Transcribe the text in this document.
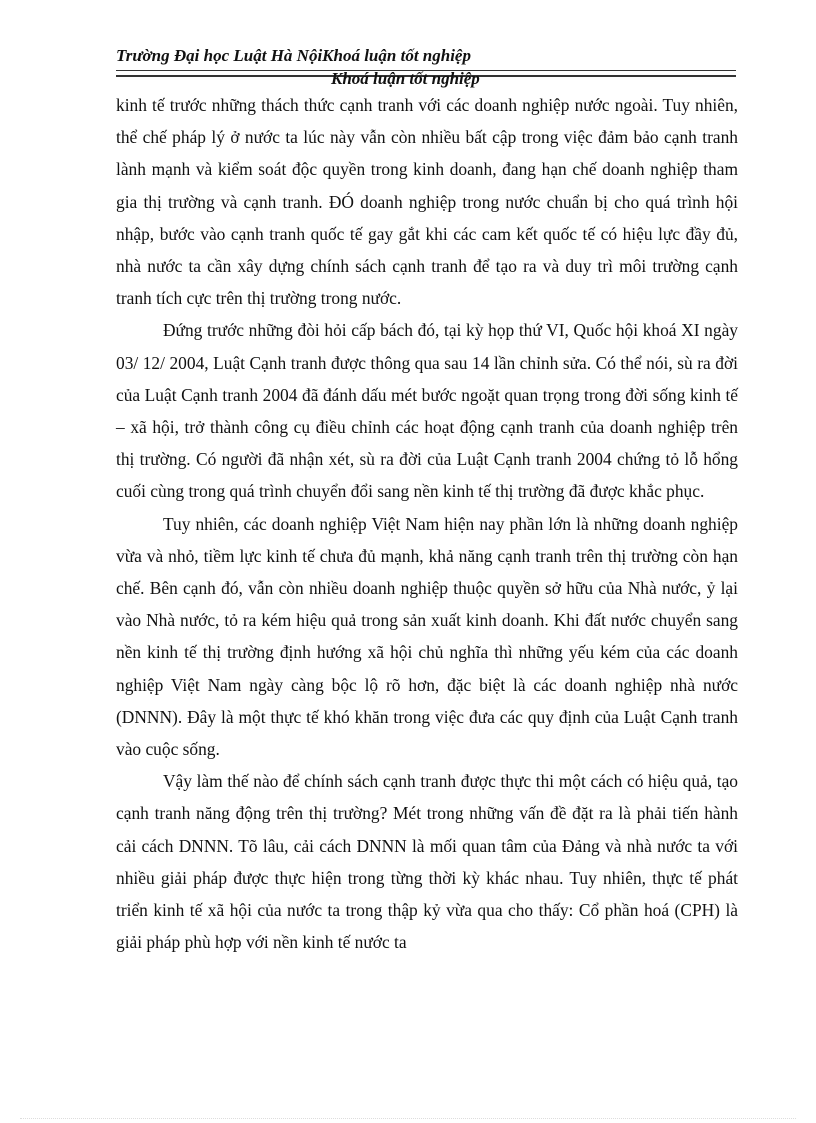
Trường Đại học Luật Hà NộiKhoá luận tốt nghiệp
Khoá luận tốt nghiệp

kinh tế trước những thách thức cạnh tranh với các doanh nghiệp nước ngoài. Tuy nhiên, thể chế pháp lý ở nước ta lúc này vẫn còn nhiều bất cập trong việc đảm bảo cạnh tranh lành mạnh và kiểm soát độc quyền trong kinh doanh, đang hạn chế doanh nghiệp tham gia thị trường và cạnh tranh. ĐÓ doanh nghiệp trong nước chuẩn bị cho quá trình hội nhập, bước vào cạnh tranh quốc tế gay gắt khi các cam kết quốc tế có hiệu lực đầy đủ, nhà nước ta cần xây dựng chính sách cạnh tranh để tạo ra và duy trì môi trường cạnh tranh tích cực trên thị trường trong nước.

Đứng trước những đòi hỏi cấp bách đó, tại kỳ họp thứ VI, Quốc hội khoá XI ngày 03/ 12/ 2004, Luật Cạnh tranh được thông qua sau 14 lần chỉnh sửa. Có thể nói, sù ra đời của Luật Cạnh tranh 2004 đã đánh dấu mét bước ngoặt quan trọng trong đời sống kinh tế – xã hội, trở thành công cụ điều chỉnh các hoạt động cạnh tranh của doanh nghiệp trên thị trường. Có người đã nhận xét, sù ra đời của Luật Cạnh tranh 2004 chứng tỏ lỗ hổng cuối cùng trong quá trình chuyển đổi sang nền kinh tế thị trường đã được khắc phục.

Tuy nhiên, các doanh nghiệp Việt Nam hiện nay phần lớn là những doanh nghiệp vừa và nhỏ, tiềm lực kinh tế chưa đủ mạnh, khả năng cạnh tranh trên thị trường còn hạn chế. Bên cạnh đó, vẫn còn nhiều doanh nghiệp thuộc quyền sở hữu của Nhà nước, ỷ lại vào Nhà nước, tỏ ra kém hiệu quả trong sản xuất kinh doanh. Khi đất nước chuyển sang nền kinh tế thị trường định hướng xã hội chủ nghĩa thì những yếu kém của các doanh nghiệp Việt Nam ngày càng bộc lộ rõ hơn, đặc biệt là các doanh nghiệp nhà nước (DNNN). Đây là một thực tế khó khăn trong việc đưa các quy định của Luật Cạnh tranh vào cuộc sống.

Vậy làm thế nào để chính sách cạnh tranh được thực thi một cách có hiệu quả, tạo cạnh tranh năng động trên thị trường? Mét trong những vấn đề đặt ra là phải tiến hành cải cách DNNN. Tõ lâu, cải cách DNNN là mối quan tâm của Đảng và nhà nước ta với nhiều giải pháp được thực hiện trong từng thời kỳ khác nhau. Tuy nhiên, thực tế phát triển kinh tế xã hội của nước ta trong thập kỷ vừa qua cho thấy: Cổ phần hoá (CPH) là giải pháp phù hợp với nền kinh tế nước ta
